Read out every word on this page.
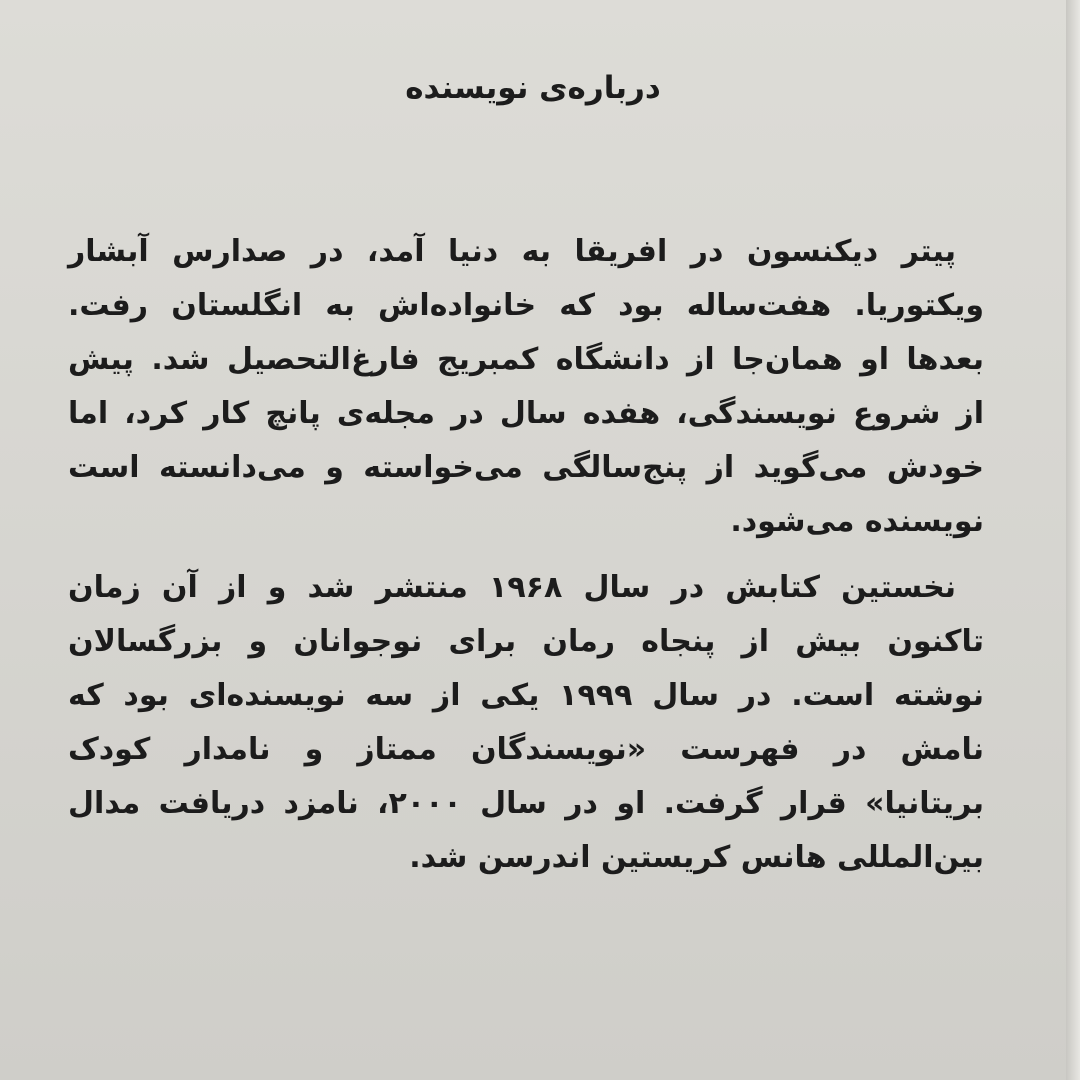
درباره‌ی نویسنده

پیتر دیکنسون در افریقا به دنیا آمد، در صدارس آبشار
ویکتوریا. هفت‌ساله بود که خانواده‌اش به انگلستان رفت.
بعدها او همان‌جا از دانشگاه کمبریج فارغ‌التحصیل شد. پیش
از شروع نویسندگی، هفده سال در مجله‌ی پانچ کار کرد، اما
خودش می‌گوید از پنج‌سالگی می‌خواسته و می‌دانسته است
نویسنده می‌شود.

نخستین کتابش در سال ۱۹۶۸ منتشر شد و از آن زمان
تاکنون بیش از پنجاه رمان برای نوجوانان و بزرگسالان
نوشته است. در سال ۱۹۹۹ یکی از سه نویسنده‌ای بود که
نامش در فهرست «نویسندگان ممتاز و نامدار کودک
بریتانیا» قرار گرفت. او در سال ۲۰۰۰، نامزد دریافت مدال
بین‌المللی هانس کریستین اندرسن شد.
